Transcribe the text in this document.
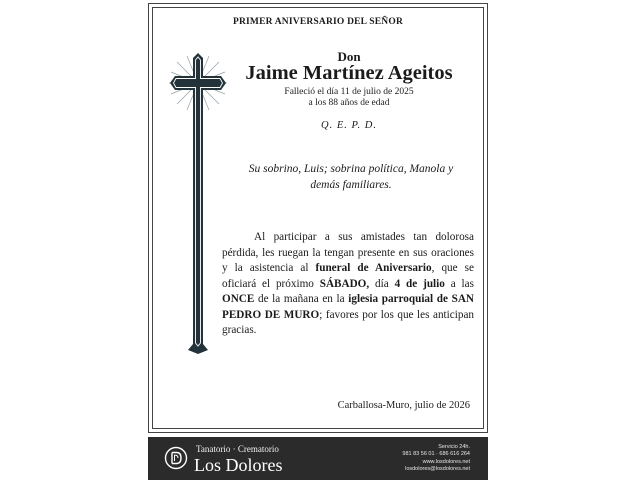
PRIMER ANIVERSARIO DEL SEÑOR
Don
Jaime Martínez Ageitos
Falleció el día 11 de julio de 2025
a los 88 años de edad
Q. E. P. D.
Su sobrino, Luis; sobrina política, Manola y demás familiares.
Al participar a sus amistades tan dolorosa pérdida, les ruegan la tengan presente en sus oraciones y la asistencia al funeral de Aniversario, que se oficiará el próximo SÁBADO, día 4 de julio a las ONCE de la mañana en la iglesia parroquial de SAN PEDRO DE MURO; favores por los que les anticipan gracias.
Carballosa-Muro, julio de 2026
Tanatorio · Crematorio
Los Dolores
Servicio 24h.
981 83 56 01 · 686 616 264
www.losdolores.net
losdolores@losdolores.net
